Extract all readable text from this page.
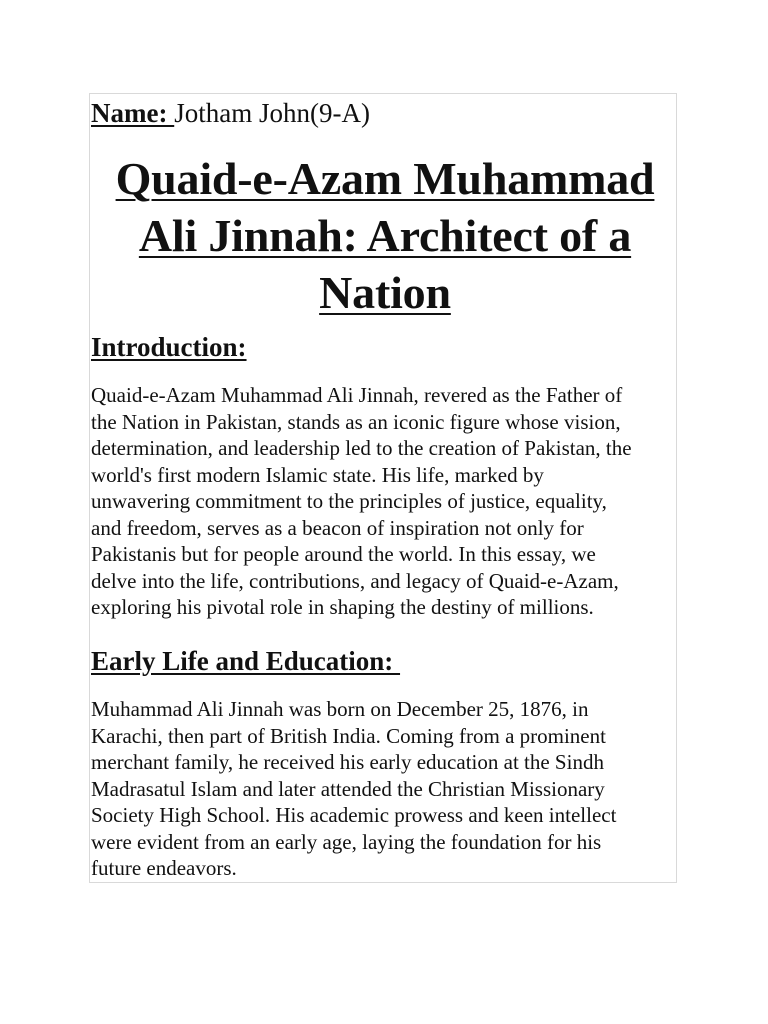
Name: Jotham John(9-A)
Quaid-e-Azam Muhammad
Ali Jinnah: Architect of a
Nation
Introduction:

Quaid-e-Azam Muhammad Ali Jinnah, revered as the Father of
the Nation in Pakistan, stands as an iconic figure whose vision,
determination, and leadership led to the creation of Pakistan, the
world's first modern Islamic state. His life, marked by
unwavering commitment to the principles of justice, equality,
and freedom, serves as a beacon of inspiration not only for
Pakistanis but for people around the world. In this essay, we
delve into the life, contributions, and legacy of Quaid-e-Azam,
exploring his pivotal role in shaping the destiny of millions.

Early Life and Education:

Muhammad Ali Jinnah was born on December 25, 1876, in
Karachi, then part of British India. Coming from a prominent
merchant family, he received his early education at the Sindh
Madrasatul Islam and later attended the Christian Missionary
Society High School. His academic prowess and keen intellect
were evident from an early age, laying the foundation for his
future endeavors.
